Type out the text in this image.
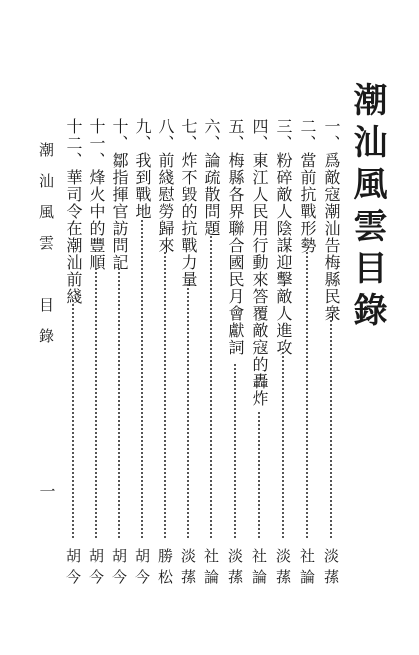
潮汕風雲目錄
一、爲敵寇潮汕告梅縣民衆
淡蓀
二、當前抗戰形勢
社論
三、粉碎敵人陰謀迎擊敵人進攻
淡蓀
四、東江人民用行動來答覆敵寇的轟炸
社論
五、梅縣各界聯合國民月會獻詞
淡蓀
六、論疏散問題
社論
七、炸不毀的抗戰力量
淡蓀
八、前綫慰勞歸來
勝松
九、我到戰地
胡今
十、鄒指揮官訪問記
胡今
十一、烽火中的豐順
胡今
十二、華司令在潮汕前綫
胡今
潮汕風雲　目錄
一
